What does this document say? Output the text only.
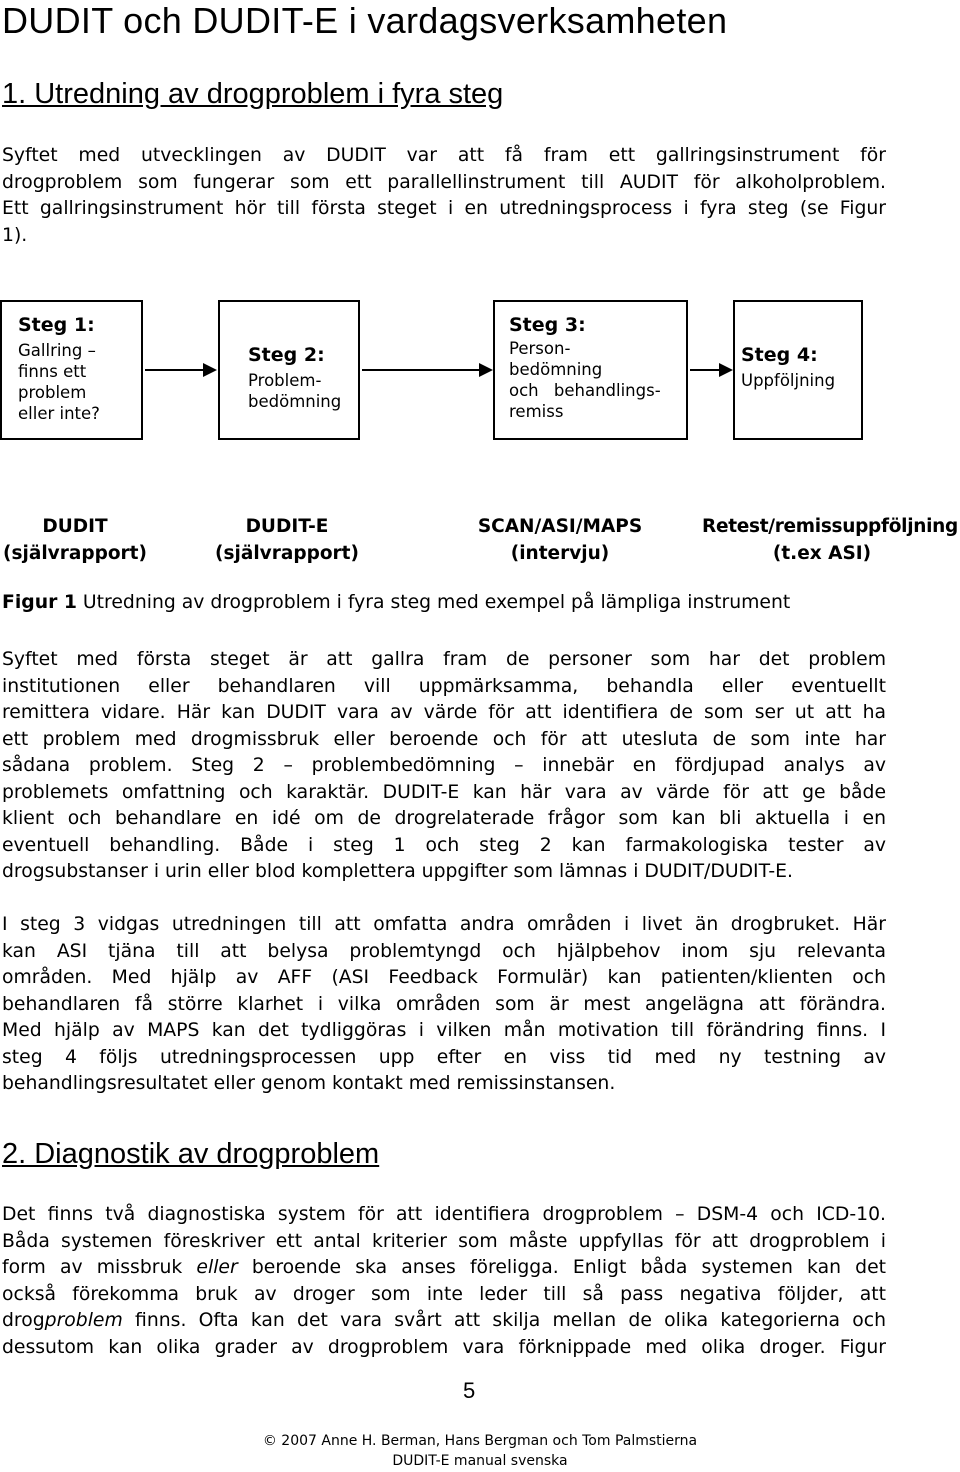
DUDIT och DUDIT-E i vardagsverksamheten
1. Utredning av drogproblem i fyra steg
Syftet med utvecklingen av DUDIT var att få fram ett gallringsinstrument för
drogproblem som fungerar som ett parallellinstrument till AUDIT för alkoholproblem.
Ett gallringsinstrument hör till första steget i en utredningsprocess i fyra steg (se Figur
1).
Steg 1:
Gallring –
finns ett
problem
eller inte?
Steg 2:
Problem-
bedömning
Steg 3:
Person-
bedömning
och behandlings-
remiss
Steg 4:
Uppföljning
DUDIT
(självrapport)
DUDIT-E
(självrapport)
SCAN/ASI/MAPS
(intervju)
Retest/remissuppföljning
(t.ex ASI)
Figur 1 Utredning av drogproblem i fyra steg med exempel på lämpliga instrument
Syftet med första steget är att gallra fram de personer som har det problem
institutionen eller behandlaren vill uppmärksamma, behandla eller eventuellt
remittera vidare. Här kan DUDIT vara av värde för att identifiera de som ser ut att ha
ett problem med drogmissbruk eller beroende och för att utesluta de som inte har
sådana problem. Steg 2 – problembedömning – innebär en fördjupad analys av
problemets omfattning och karaktär. DUDIT-E kan här vara av värde för att ge både
klient och behandlare en idé om de drogrelaterade frågor som kan bli aktuella i en
eventuell behandling. Både i steg 1 och steg 2 kan farmakologiska tester av
drogsubstanser i urin eller blod komplettera uppgifter som lämnas i DUDIT/DUDIT-E.
I steg 3 vidgas utredningen till att omfatta andra områden i livet än drogbruket. Här
kan ASI tjäna till att belysa problemtyngd och hjälpbehov inom sju relevanta
områden. Med hjälp av AFF (ASI Feedback Formulär) kan patienten/klienten och
behandlaren få större klarhet i vilka områden som är mest angelägna att förändra.
Med hjälp av MAPS kan det tydliggöras i vilken mån motivation till förändring finns. I
steg 4 följs utredningsprocessen upp efter en viss tid med ny testning av
behandlingsresultatet eller genom kontakt med remissinstansen.
2. Diagnostik av drogproblem
Det finns två diagnostiska system för att identifiera drogproblem – DSM-4 och ICD-10.
Båda systemen föreskriver ett antal kriterier som måste uppfyllas för att drogproblem i
form av missbruk eller beroende ska anses föreligga. Enligt båda systemen kan det
också förekomma bruk av droger som inte leder till så pass negativa följder, att
drogproblem finns. Ofta kan det vara svårt att skilja mellan de olika kategorierna och
dessutom kan olika grader av drogproblem vara förknippade med olika droger. Figur
5
© 2007 Anne H. Berman, Hans Bergman och Tom Palmstierna
DUDIT-E manual svenska
